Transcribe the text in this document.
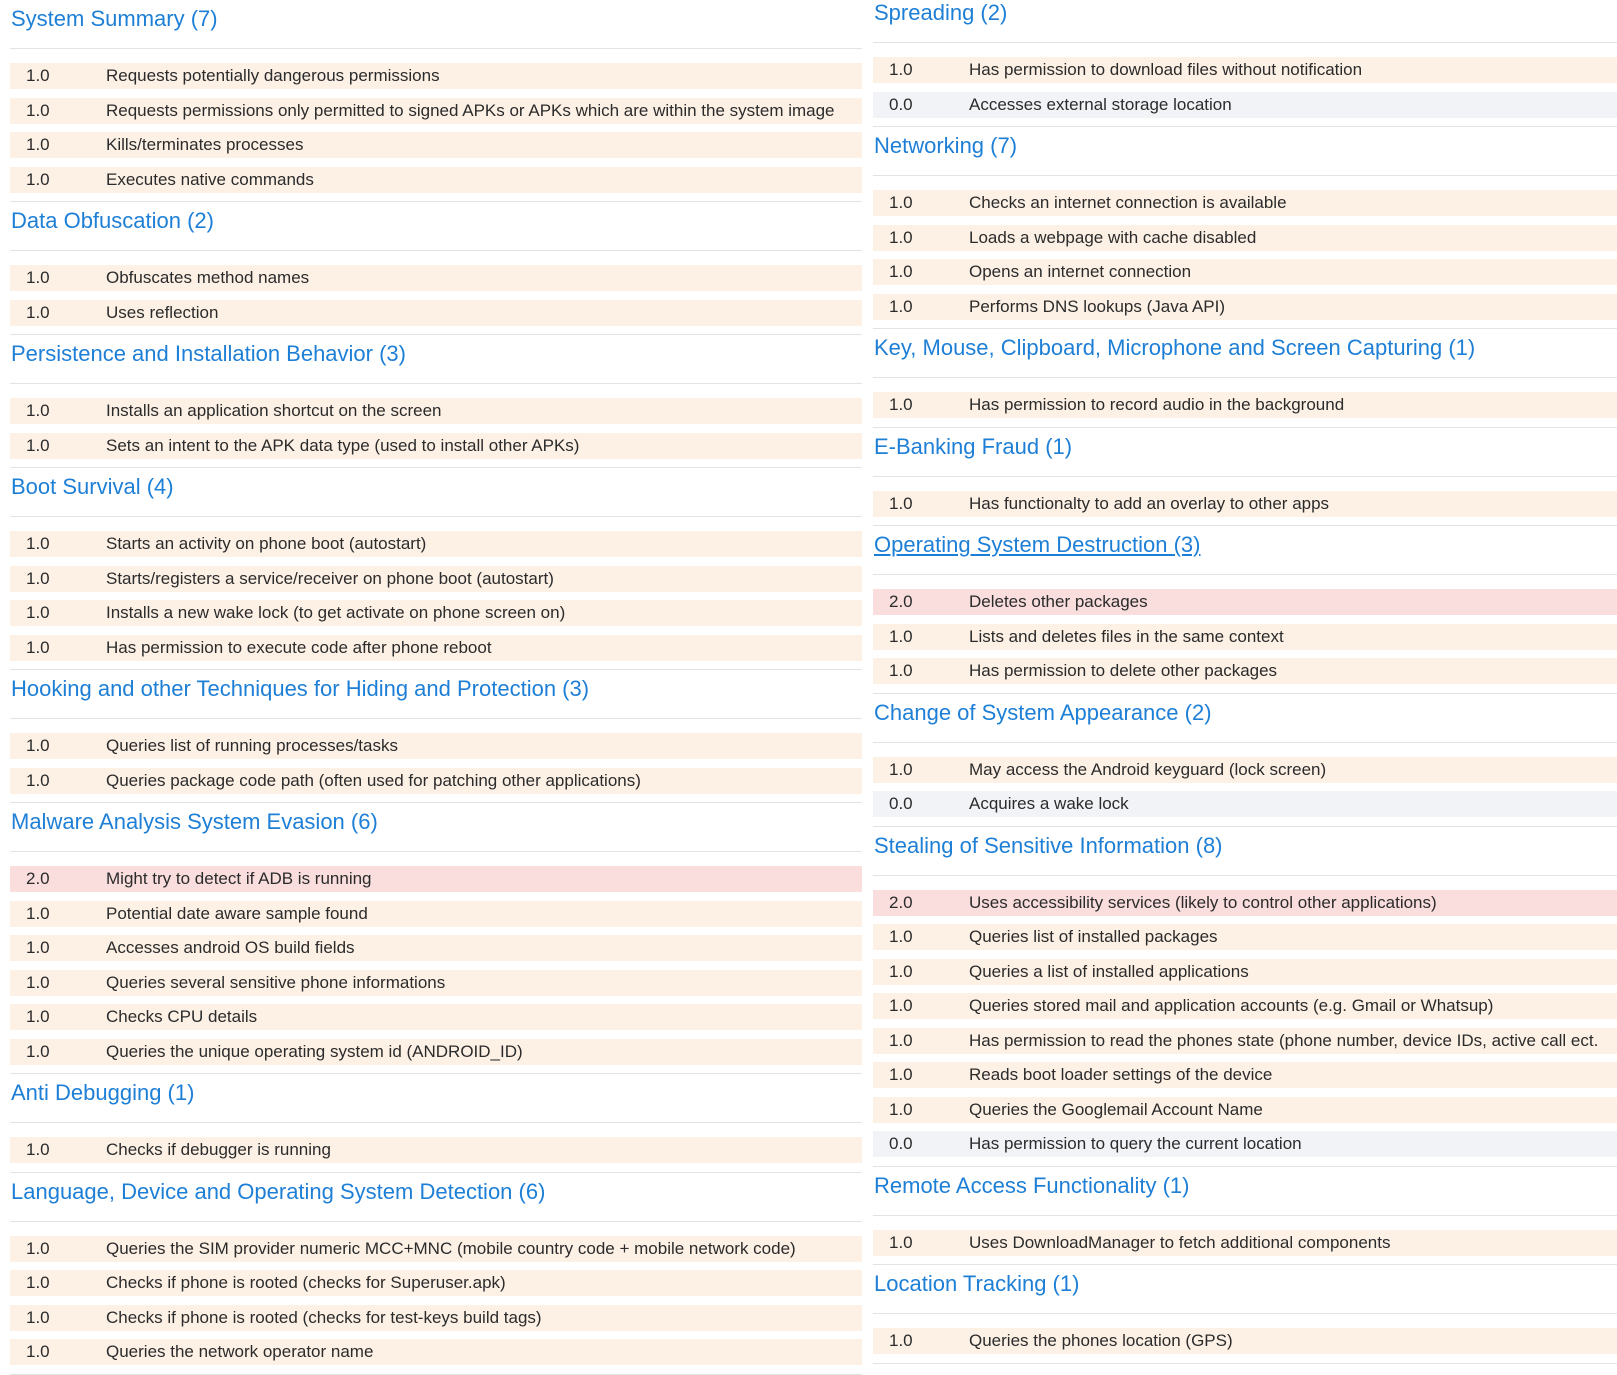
System Summary (7)
1.0	Requests potentially dangerous permissions
1.0	Requests permissions only permitted to signed APKs or APKs which are within the system image
1.0	Kills/terminates processes
1.0	Executes native commands
Data Obfuscation (2)
1.0	Obfuscates method names
1.0	Uses reflection
Persistence and Installation Behavior (3)
1.0	Installs an application shortcut on the screen
1.0	Sets an intent to the APK data type (used to install other APKs)
Boot Survival (4)
1.0	Starts an activity on phone boot (autostart)
1.0	Starts/registers a service/receiver on phone boot (autostart)
1.0	Installs a new wake lock (to get activate on phone screen on)
1.0	Has permission to execute code after phone reboot
Hooking and other Techniques for Hiding and Protection (3)
1.0	Queries list of running processes/tasks
1.0	Queries package code path (often used for patching other applications)
Malware Analysis System Evasion (6)
2.0	Might try to detect if ADB is running
1.0	Potential date aware sample found
1.0	Accesses android OS build fields
1.0	Queries several sensitive phone informations
1.0	Checks CPU details
1.0	Queries the unique operating system id (ANDROID_ID)
Anti Debugging (1)
1.0	Checks if debugger is running
Language, Device and Operating System Detection (6)
1.0	Queries the SIM provider numeric MCC+MNC (mobile country code + mobile network code)
1.0	Checks if phone is rooted (checks for Superuser.apk)
1.0	Checks if phone is rooted (checks for test-keys build tags)
1.0	Queries the network operator name
Spreading (2)
1.0	Has permission to download files without notification
0.0	Accesses external storage location
Networking (7)
1.0	Checks an internet connection is available
1.0	Loads a webpage with cache disabled
1.0	Opens an internet connection
1.0	Performs DNS lookups (Java API)
Key, Mouse, Clipboard, Microphone and Screen Capturing (1)
1.0	Has permission to record audio in the background
E-Banking Fraud (1)
1.0	Has functionalty to add an overlay to other apps
Operating System Destruction (3)
2.0	Deletes other packages
1.0	Lists and deletes files in the same context
1.0	Has permission to delete other packages
Change of System Appearance (2)
1.0	May access the Android keyguard (lock screen)
0.0	Acquires a wake lock
Stealing of Sensitive Information (8)
2.0	Uses accessibility services (likely to control other applications)
1.0	Queries list of installed packages
1.0	Queries a list of installed applications
1.0	Queries stored mail and application accounts (e.g. Gmail or Whatsup)
1.0	Has permission to read the phones state (phone number, device IDs, active call ect.
1.0	Reads boot loader settings of the device
1.0	Queries the Googlemail Account Name
0.0	Has permission to query the current location
Remote Access Functionality (1)
1.0	Uses DownloadManager to fetch additional components
Location Tracking (1)
1.0	Queries the phones location (GPS)
